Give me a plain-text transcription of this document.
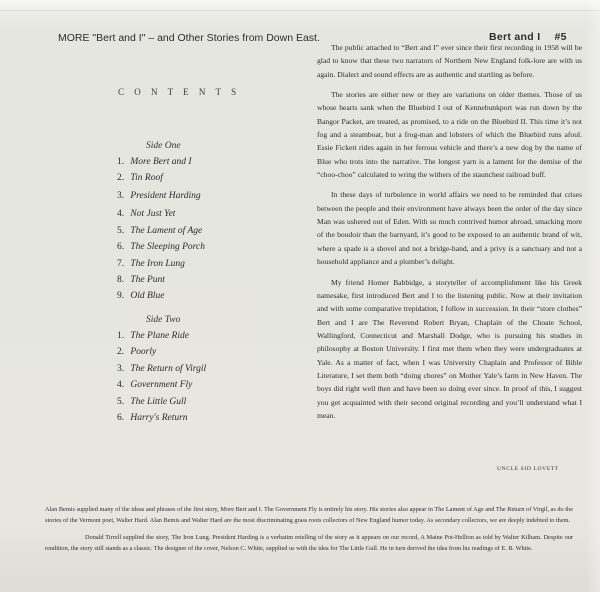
MORE "Bert and I" – and Other Stories from Down East.	Bert and I #5
C O N T E N T S
Side One
1. More Bert and I
2. Tin Roof
3. President Harding
4. Not Just Yet
5. The Lament of Age
6. The Sleeping Porch
7. The Iron Lung
8. The Punt
9. Old Blue
Side Two
1. The Plane Ride
2. Poorly
3. The Return of Virgil
4. Government Fly
5. The Little Gull
6. Harry's Return

The public attached to “Bert and I” ever since their first recording in 1958 will be glad to know that these two narrators of Northern New England folk-lore are with us again. Dialect and sound effects are as authentic and startling as before.

The stories are either new or they are variations on older themes. Those of us whose hearts sank when the Bluebird I out of Kennebunkport was run down by the Bangor Packet, are treated, as promised, to a ride on the Bluebird II. This time it’s not fog and a steamboat, but a frog-man and lobsters of which the Bluebird runs afoul. Essie Fickett rides again in her ferrous vehicle and there’s a new dog by the name of Blue who trots into the narrative. The longest yarn is a lament for the demise of the “choo-choo” calculated to wring the withers of the staunchest railroad buff.

In these days of turbulence in world affairs we need to be reminded that crises between the people and their environment have always been the order of the day since Man was ushered out of Eden. With so much contrived humor abroad, smacking more of the boudoir than the barnyard, it’s good to be exposed to an authentic brand of wit, where a spade is a shovel and not a bridge-hand, and a privy is a sanctuary and not a household appliance and a plumber’s delight.

My friend Homer Babbidge, a storyteller of accomplishment like his Greek namesake, first introduced Bert and I to the listening public. Now at their invitation and with some comparative trepidation, I follow in succession. In their “store clothes” Bert and I are The Reverend Robert Bryan, Chaplain of the Choate School, Wallingford, Connecticut and Marshall Dodge, who is pursuing his studies in philosophy at Boston University. I first met them when they were undergraduates at Yale. As a matter of fact, when I was University Chaplain and Professor of Bible Literature, I set them both “doing chores” on Mother Yale’s farm in New Haven. The boys did right well then and have been so doing ever since. In proof of this, I suggest you get acquainted with their second original recording and you’ll understand what I mean.

UNCLE SID LOVETT

Alan Bemis supplied many of the ideas and phrases of the first story, More Bert and I. The Government Fly is entirely his story. His stories also appear in The Lament of Age and The Return of Virgil, as do the stories of the Vermont poet, Walter Hard. Alan Bemis and Walter Hard are the most discriminating grass roots collectors of New England humor today. As secondary collectors, we are deeply indebted to them.

Donald Tirrell supplied the story, The Iron Lung. President Harding is a verbatim retelling of the story as it appears on our record, A Maine Pot-Hellion as told by Walter Kilham. Despite our rendition, the story still stands as a classic. The designer of the cover, Nelson C. White, supplied us with the idea for The Little Gull. He in turn derived the idea from his readings of E. B. White.
